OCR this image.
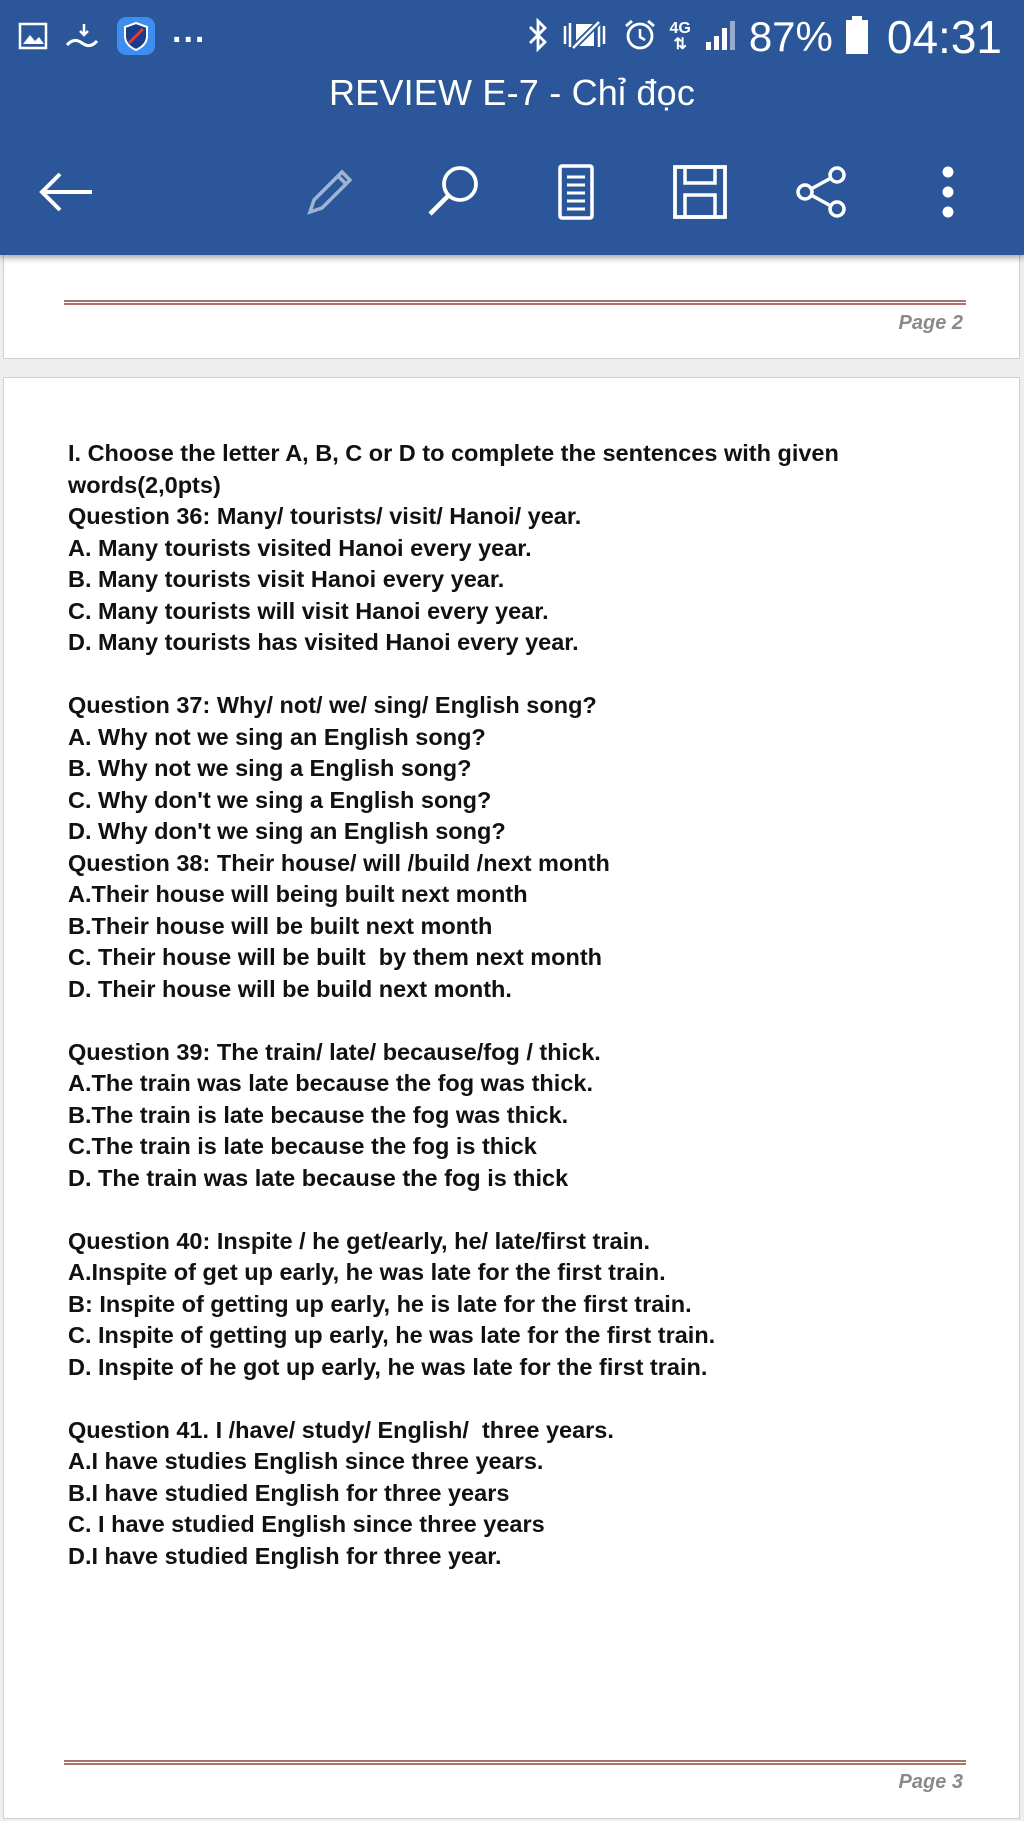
...	4G
⇅ 87% 04:31
REVIEW E-7 - Chỉ đọc
Page 2
I. Choose the letter A, B, C or D to complete the sentences with given
words(2,0pts)
Question 36: Many/ tourists/ visit/ Hanoi/ year.
A. Many tourists visited Hanoi every year.
B. Many tourists visit Hanoi every year.
C. Many tourists will visit Hanoi every year.
D. Many tourists has visited Hanoi every year.
Question 37: Why/ not/ we/ sing/ English song?
A. Why not we sing an English song?
B. Why not we sing a English song?
C. Why don't we sing a English song?
D. Why don't we sing an English song?
Question 38: Their house/ will /build /next month
A.Their house will being built next month
B.Their house will be built next month
C. Their house will be built  by them next month
D. Their house will be build next month.
Question 39: The train/ late/ because/fog / thick.
A.The train was late because the fog was thick.
B.The train is late because the fog was thick.
C.The train is late because the fog is thick
D. The train was late because the fog is thick
Question 40: Inspite / he get/early, he/ late/first train.
A.Inspite of get up early, he was late for the first train.
B: Inspite of getting up early, he is late for the first train.
C. Inspite of getting up early, he was late for the first train.
D. Inspite of he got up early, he was late for the first train.
Question 41. I /have/ study/ English/  three years.
A.I have studies English since three years.
B.I have studied English for three years
C. I have studied English since three years
D.I have studied English for three year.
Page 3
